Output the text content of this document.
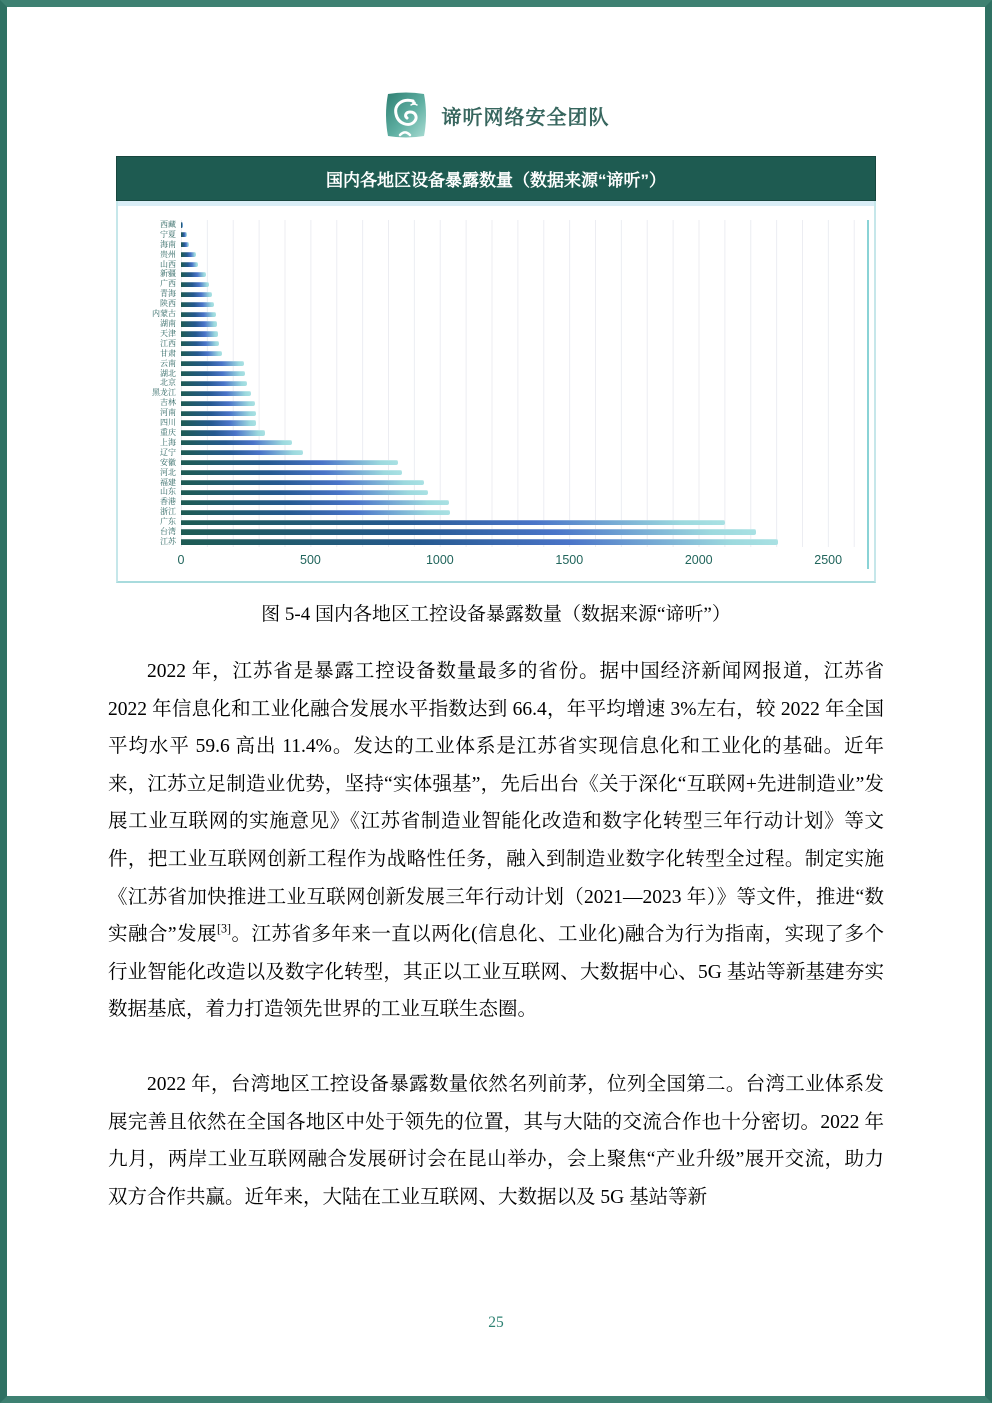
谛听网络安全团队
国内各地区设备暴露数量（数据来源“谛听”）
西藏
宁夏
海南
贵州
山西
新疆
广西
青海
陕西
内蒙古
湖南
天津
江西
甘肃
云南
湖北
北京
黑龙江
吉林
河南
四川
重庆
上海
辽宁
安徽
河北
福建
山东
香港
浙江
广东
台湾
江苏
0	500	1000	1500	2000	2500
图 5-4 国内各地区工控设备暴露数量（数据来源“谛听”）

2022 年，江苏省是暴露工控设备数量最多的省份。据中国经济新闻网报道，江苏省 2022 年信息化和工业化融合发展水平指数达到 66.4，年平均增速 3%左右，较 2022 年全国平均水平 59.6 高出 11.4%。发达的工业体系是江苏省实现信息化和工业化的基础。近年来，江苏立足制造业优势，坚持“实体强基”，先后出台《关于深化“互联网+先进制造业”发展工业互联网的实施意见》《江苏省制造业智能化改造和数字化转型三年行动计划》等文件，把工业互联网创新工程作为战略性任务，融入到制造业数字化转型全过程。制定实施《江苏省加快推进工业互联网创新发展三年行动计划（2021—2023 年）》等文件，推进“数实融合”发展[3]。江苏省多年来一直以两化(信息化、工业化)融合为行为指南，实现了多个行业智能化改造以及数字化转型，其正以工业互联网、大数据中心、5G 基站等新基建夯实数据基底，着力打造领先世界的工业互联生态圈。

2022 年，台湾地区工控设备暴露数量依然名列前茅，位列全国第二。台湾工业体系发展完善且依然在全国各地区中处于领先的位置，其与大陆的交流合作也十分密切。2022 年九月，两岸工业互联网融合发展研讨会在昆山举办，会上聚焦“产业升级”展开交流，助力双方合作共赢。近年来，大陆在工业互联网、大数据以及 5G 基站等新

25
